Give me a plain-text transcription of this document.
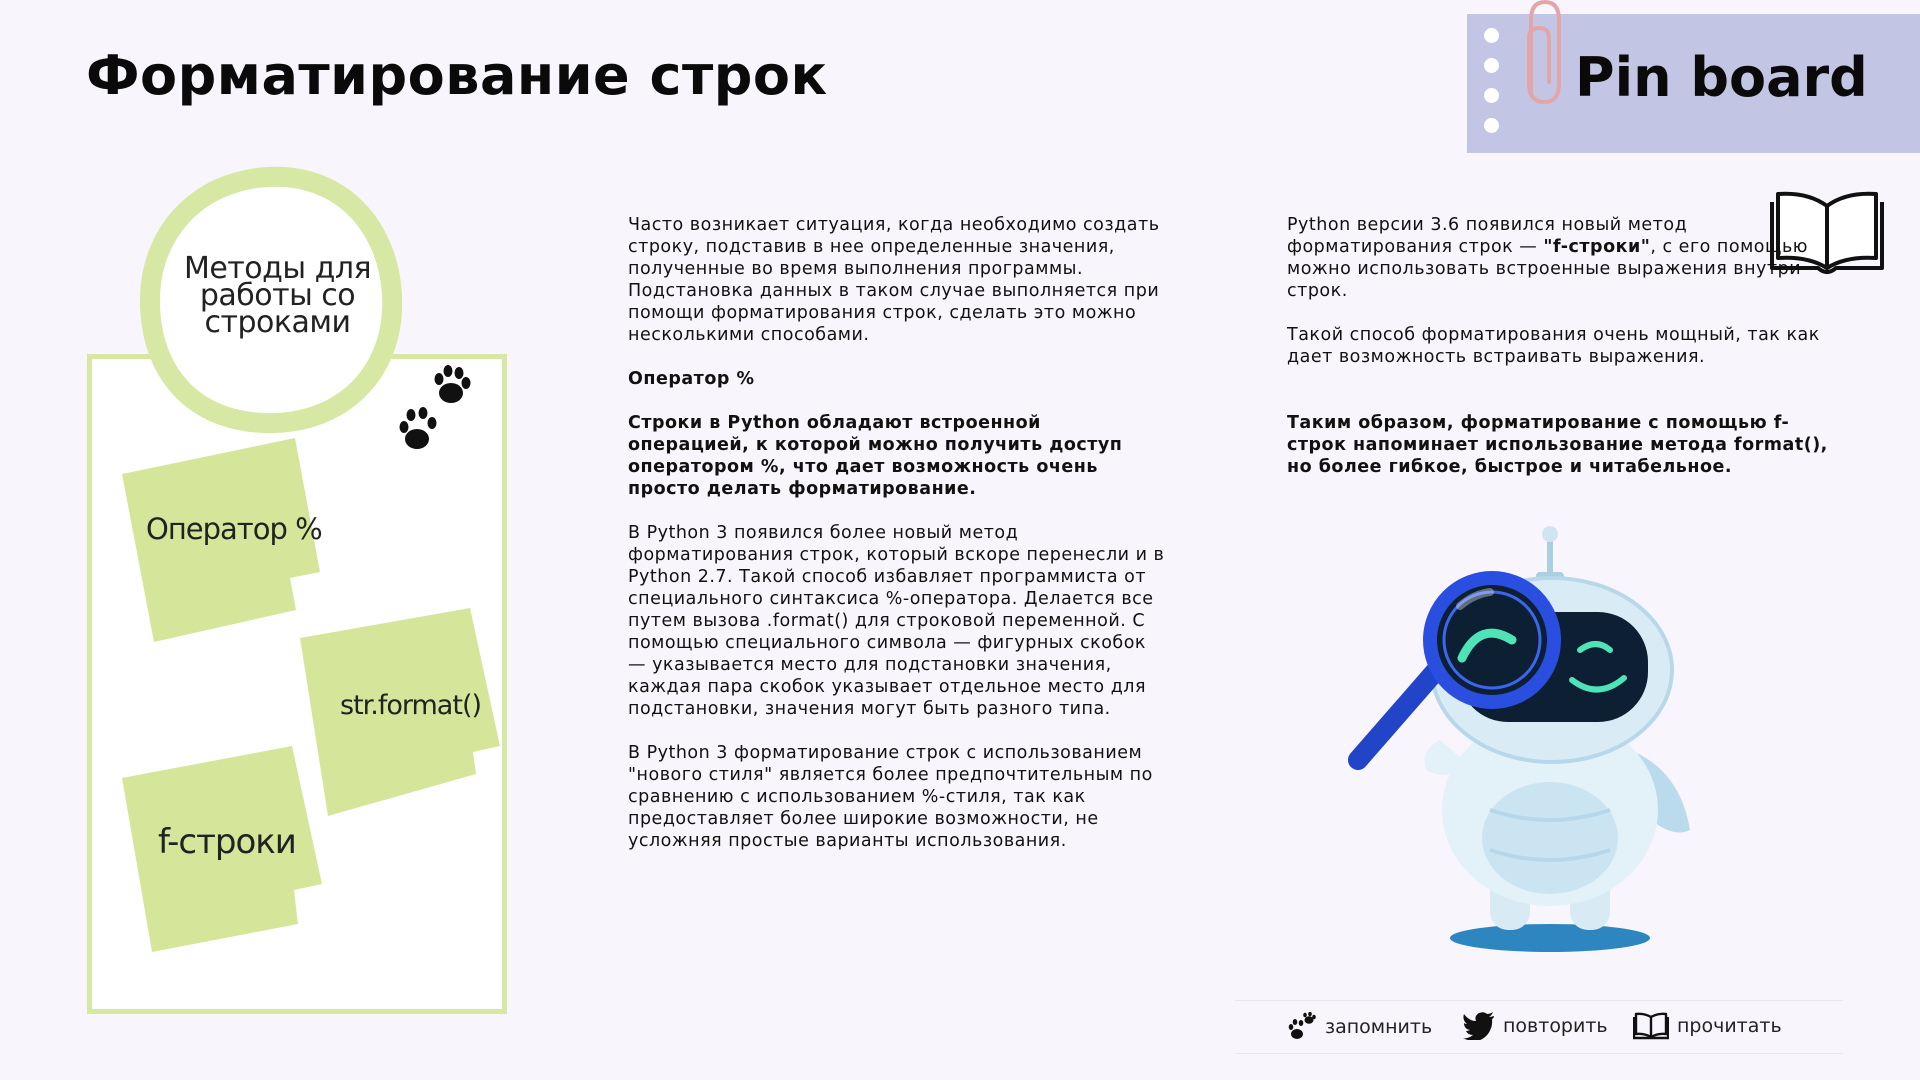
Форматирование строк	Pin board
Методы для
работы со
строками
Оператор %
str.format()
f-строки

Часто возникает ситуация, когда необходимо создать строку, подставив в нее определенные значения, полученные во время выполнения программы. Подстановка данных в таком случае выполняется при помощи форматирования строк, сделать это можно несколькими способами.

Оператор %

Строки в Python обладают встроенной операцией, к которой можно получить доступ оператором %, что дает возможность очень просто делать форматирование.

В Python 3 появился более новый метод форматирования строк, который вскоре перенесли и в Python 2.7. Такой способ избавляет программиста от специального синтаксиса %-оператора. Делается все путем вызова .format() для строковой переменной. С помощью специального символа — фигурных скобок — указывается место для подстановки значения, каждая пара скобок указывает отдельное место для подстановки, значения могут быть разного типа.

В Python 3 форматирование строк с использованием "нового стиля" является более предпочтительным по сравнению с использованием %-стиля, так как предоставляет более широкие возможности, не усложняя простые варианты использования.

Python версии 3.6 появился новый метод форматирования строк — "f-строки", с его помощью можно использовать встроенные выражения внутри строк.

Такой способ форматирования очень мощный, так как дает возможность встраивать выражения.

Таким образом, форматирование с помощью f-строк напоминает использование метода format(), но более гибкое, быстрое и читабельное.

запомнить	повторить	прочитать
